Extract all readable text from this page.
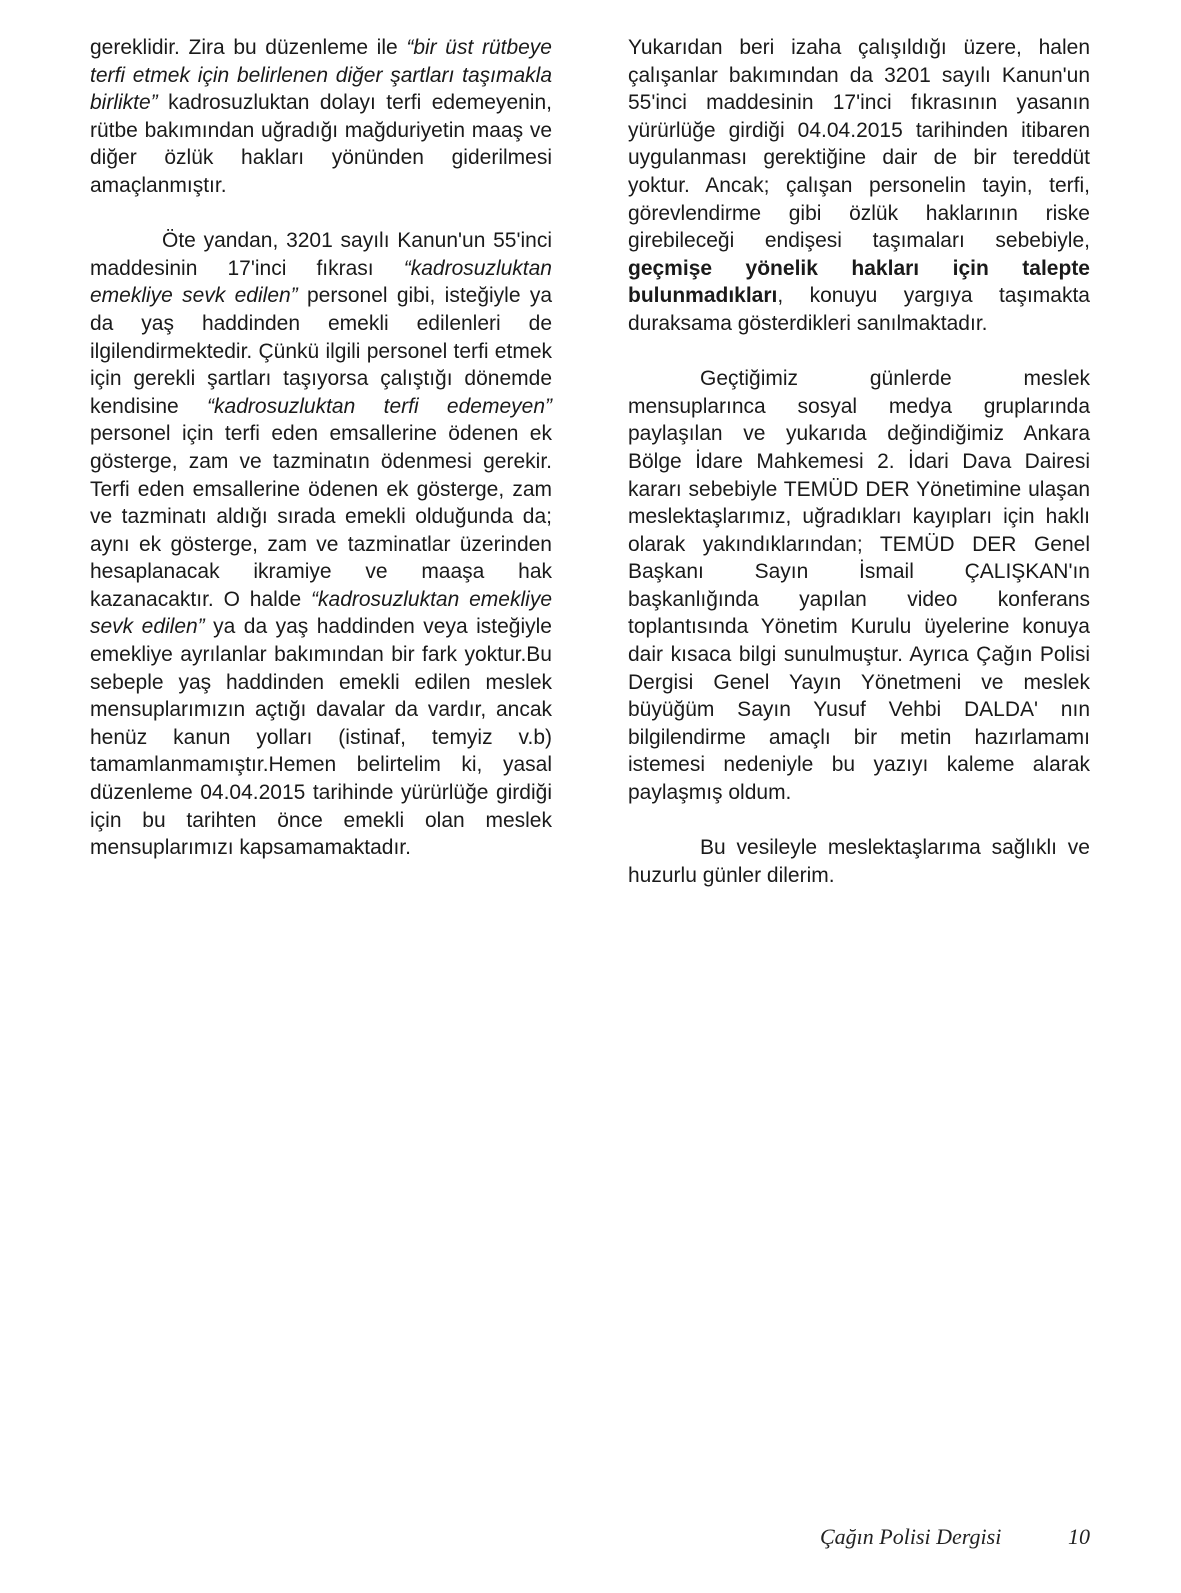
gereklidir. Zira bu düzenleme ile “bir üst rütbeye terfi etmek için belirlenen diğer şartları taşımakla birlikte” kadrosuzluktan dolayı terfi edemeyenin, rütbe bakımından uğradığı mağduriyetin maaş ve diğer özlük hakları yönünden giderilmesi amaçlanmıştır.

Öte yandan, 3201 sayılı Kanun'un 55'inci maddesinin 17'inci fıkrası “kadrosuzluktan emekliye sevk edilen” personel gibi, isteğiyle ya da yaş haddinden emekli edilenleri de ilgilendirmektedir. Çünkü ilgili personel terfi etmek için gerekli şartları taşıyorsa çalıştığı dönemde kendisine “kadrosuzluktan terfi edemeyen” personel için terfi eden emsallerine ödenen ek gösterge, zam ve tazminatın ödenmesi gerekir. Terfi eden emsallerine ödenen ek gösterge, zam ve tazminatı aldığı sırada emekli olduğunda da; aynı ek gösterge, zam ve tazminatlar üzerinden hesaplanacak ikramiye ve maaşa hak kazanacaktır. O halde “kadrosuzluktan emekliye sevk edilen” ya da yaş haddinden veya isteğiyle emekliye ayrılanlar bakımından bir fark yoktur.Bu sebeple yaş haddinden emekli edilen meslek mensuplarımızın açtığı davalar da vardır, ancak henüz kanun yolları (istinaf, temyiz v.b) tamamlanmamıştır.Hemen belirtelim ki, yasal düzenleme 04.04.2015 tarihinde yürürlüğe girdiği için bu tarihten önce emekli olan meslek mensuplarımızı kapsamamaktadır.

Yukarıdan beri izaha çalışıldığı üzere, halen çalışanlar bakımından da 3201 sayılı Kanun'un 55'inci maddesinin 17'inci fıkrasının yasanın yürürlüğe girdiği 04.04.2015 tarihinden itibaren uygulanması gerektiğine dair de bir tereddüt yoktur. Ancak; çalışan personelin tayin, terfi, görevlendirme gibi özlük haklarının riske girebileceği endişesi taşımaları sebebiyle, geçmişe yönelik hakları için talepte bulunmadıkları, konuyu yargıya taşımakta duraksama gösterdikleri sanılmaktadır.

Geçtiğimiz günlerde meslek mensuplarınca sosyal medya gruplarında paylaşılan ve yukarıda değindiğimiz Ankara Bölge İdare Mahkemesi 2. İdari Dava Dairesi kararı sebebiyle TEMÜD DER Yönetimine ulaşan meslektaşlarımız, uğradıkları kayıpları için haklı olarak yakındıklarından; TEMÜD DER Genel Başkanı Sayın İsmail ÇALIŞKAN'ın başkanlığında yapılan video konferans toplantısında Yönetim Kurulu üyelerine konuya dair kısaca bilgi sunulmuştur. Ayrıca Çağın Polisi Dergisi Genel Yayın Yönetmeni ve meslek büyüğüm Sayın Yusuf Vehbi DALDA' nın bilgilendirme amaçlı bir metin hazırlamamı istemesi nedeniyle bu yazıyı kaleme alarak paylaşmış oldum.

Bu vesileyle meslektaşlarıma sağlıklı ve huzurlu günler dilerim.

Çağın Polisi Dergisi	10
